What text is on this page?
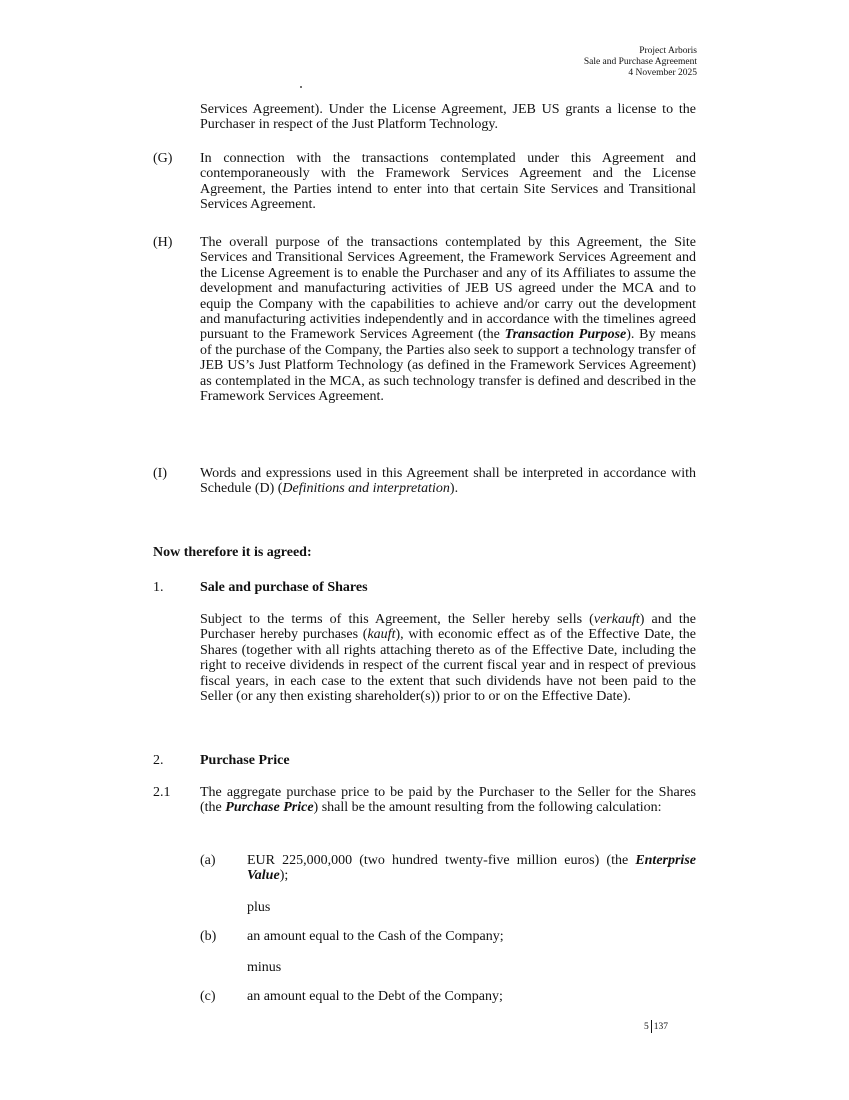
Project Arboris
Sale and Purchase Agreement
4 November 2025
Services Agreement). Under the License Agreement, JEB US grants a license to the Purchaser in respect of the Just Platform Technology.
(G) In connection with the transactions contemplated under this Agreement and contemporaneously with the Framework Services Agreement and the License Agreement, the Parties intend to enter into that certain Site Services and Transitional Services Agreement.
(H) The overall purpose of the transactions contemplated by this Agreement, the Site Services and Transitional Services Agreement, the Framework Services Agreement and the License Agreement is to enable the Purchaser and any of its Affiliates to assume the development and manufacturing activities of JEB US agreed under the MCA and to equip the Company with the capabilities to achieve and/or carry out the development and manufacturing activities independently and in accordance with the timelines agreed pursuant to the Framework Services Agreement (the Transaction Purpose). By means of the purchase of the Company, the Parties also seek to support a technology transfer of JEB US’s Just Platform Technology (as defined in the Framework Services Agreement) as contemplated in the MCA, as such technology transfer is defined and described in the Framework Services Agreement.
(I) Words and expressions used in this Agreement shall be interpreted in accordance with Schedule (D) (Definitions and interpretation).
Now therefore it is agreed:
1.	Sale and purchase of Shares
Subject to the terms of this Agreement, the Seller hereby sells (verkauft) and the Purchaser hereby purchases (kauft), with economic effect as of the Effective Date, the Shares (together with all rights attaching thereto as of the Effective Date, including the right to receive dividends in respect of the current fiscal year and in respect of previous fiscal years, in each case to the extent that such dividends have not been paid to the Seller (or any then existing shareholder(s)) prior to or on the Effective Date).
2.	Purchase Price
2.1 The aggregate purchase price to be paid by the Purchaser to the Seller for the Shares (the Purchase Price) shall be the amount resulting from the following calculation:
(a) EUR 225,000,000 (two hundred twenty-five million euros) (the Enterprise Value);
plus
(b) an amount equal to the Cash of the Company;
minus
(c) an amount equal to the Debt of the Company;
5 137
